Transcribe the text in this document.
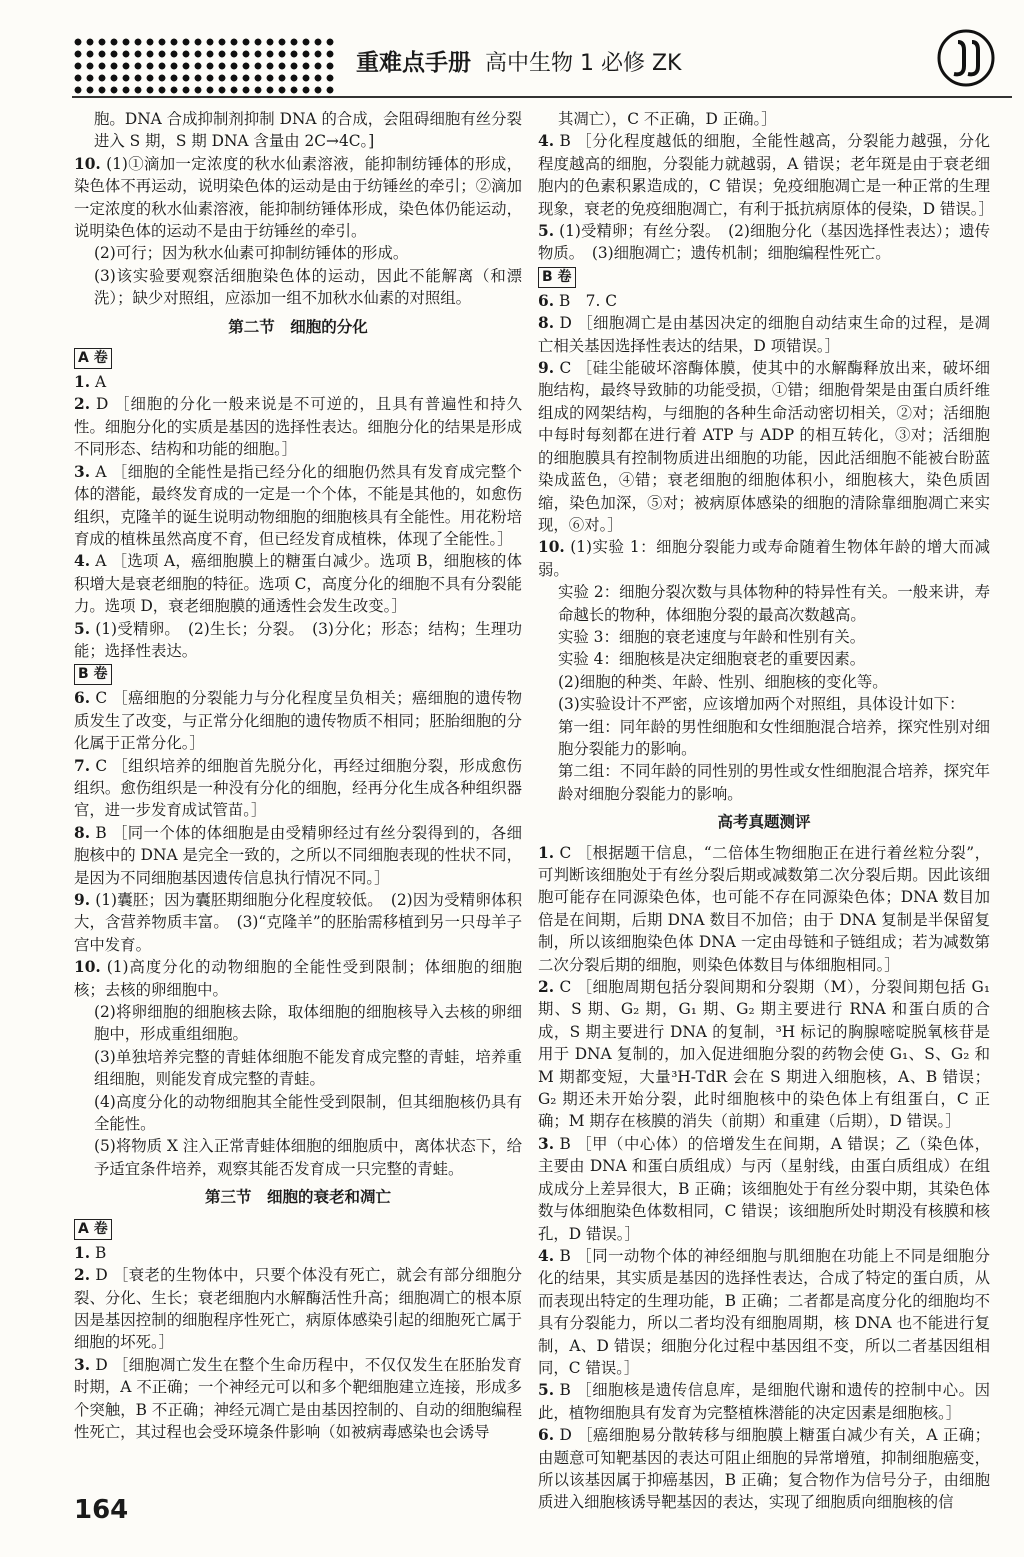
重难点手册 高中生物 1 必修 ZK

胞。DNA 合成抑制剂抑制 DNA 的合成，会阻碍细胞有丝分裂进入 S 期，S 期 DNA 含量由 2C→4C。]

10. (1)①滴加一定浓度的秋水仙素溶液，能抑制纺锤体的形成，染色体不再运动，说明染色体的运动是由于纺锤丝的牵引；②滴加一定浓度的秋水仙素溶液，能抑制纺锤体形成，染色体仍能运动，说明染色体的运动不是由于纺锤丝的牵引。

(2)可行；因为秋水仙素可抑制纺锤体的形成。

(3)该实验要观察活细胞染色体的运动，因此不能解离（和漂洗）；缺少对照组，应添加一组不加秋水仙素的对照组。

第二节　细胞的分化

A 卷

1. A

2. D ［细胞的分化一般来说是不可逆的，且具有普遍性和持久性。细胞分化的实质是基因的选择性表达。细胞分化的结果是形成不同形态、结构和功能的细胞。］

3. A ［细胞的全能性是指已经分化的细胞仍然具有发育成完整个体的潜能，最终发育成的一定是一个个体，不能是其他的，如愈伤组织，克隆羊的诞生说明动物细胞的细胞核具有全能性。用花粉培育成的植株虽然高度不育，但已经发育成植株，体现了全能性。］

4. A ［选项 A，癌细胞膜上的糖蛋白减少。选项 B，细胞核的体积增大是衰老细胞的特征。选项 C，高度分化的细胞不具有分裂能力。选项 D，衰老细胞膜的通透性会发生改变。］

5. (1)受精卵。　(2)生长；分裂。　(3)分化；形态；结构；生理功能；选择性表达。

B 卷

6. C ［癌细胞的分裂能力与分化程度呈负相关；癌细胞的遗传物质发生了改变，与正常分化细胞的遗传物质不相同；胚胎细胞的分化属于正常分化。］

7. C ［组织培养的细胞首先脱分化，再经过细胞分裂，形成愈伤组织。愈伤组织是一种没有分化的细胞，经再分化生成各种组织器官，进一步发育成试管苗。］

8. B ［同一个体的体细胞是由受精卵经过有丝分裂得到的，各细胞核中的 DNA 是完全一致的，之所以不同细胞表现的性状不同，是因为不同细胞基因遗传信息执行情况不同。］

9. (1)囊胚；因为囊胚期细胞分化程度较低。　(2)因为受精卵体积大，含营养物质丰富。　(3)“克隆羊”的胚胎需移植到另一只母羊子宫中发育。

10. (1)高度分化的动物细胞的全能性受到限制；体细胞的细胞核；去核的卵细胞中。

(2)将卵细胞的细胞核去除，取体细胞的细胞核导入去核的卵细胞中，形成重组细胞。

(3)单独培养完整的青蛙体细胞不能发育成完整的青蛙，培养重组细胞，则能发育成完整的青蛙。

(4)高度分化的动物细胞其全能性受到限制，但其细胞核仍具有全能性。

(5)将物质 X 注入正常青蛙体细胞的细胞质中，离体状态下，给予适宜条件培养，观察其能否发育成一只完整的青蛙。

第三节　细胞的衰老和凋亡

A 卷

1. B

2. D ［衰老的生物体中，只要个体没有死亡，就会有部分细胞分裂、分化、生长；衰老细胞内水解酶活性升高；细胞凋亡的根本原因是基因控制的细胞程序性死亡，病原体感染引起的细胞死亡属于细胞的坏死。］

3. D ［细胞凋亡发生在整个生命历程中，不仅仅发生在胚胎发育时期，A 不正确；一个神经元可以和多个靶细胞建立连接，形成多个突触，B 不正确；神经元凋亡是由基因控制的、自动的细胞编程性死亡，其过程也会受环境条件影响（如被病毒感染也会诱导

其凋亡），C 不正确，D 正确。］

4. B ［分化程度越低的细胞，全能性越高，分裂能力越强，分化程度越高的细胞，分裂能力就越弱，A 错误；老年斑是由于衰老细胞内的色素积累造成的，C 错误；免疫细胞凋亡是一种正常的生理现象，衰老的免疫细胞凋亡，有利于抵抗病原体的侵染，D 错误。］

5. (1)受精卵；有丝分裂。　(2)细胞分化（基因选择性表达）；遗传物质。　(3)细胞凋亡；遗传机制；细胞编程性死亡。

B 卷

6. B　7. C

8. D ［细胞凋亡是由基因决定的细胞自动结束生命的过程，是凋亡相关基因选择性表达的结果，D 项错误。］

9. C ［硅尘能破坏溶酶体膜，使其中的水解酶释放出来，破坏细胞结构，最终导致肺的功能受损，①错；细胞骨架是由蛋白质纤维组成的网架结构，与细胞的各种生命活动密切相关，②对；活细胞中每时每刻都在进行着 ATP 与 ADP 的相互转化，③对；活细胞的细胞膜具有控制物质进出细胞的功能，因此活细胞不能被台盼蓝染成蓝色，④错；衰老细胞的细胞体积小，细胞核大，染色质固缩，染色加深，⑤对；被病原体感染的细胞的清除靠细胞凋亡来实现，⑥对。］

10. (1)实验 1：细胞分裂能力或寿命随着生物体年龄的增大而减弱。

实验 2：细胞分裂次数与具体物种的特异性有关。一般来讲，寿命越长的物种，体细胞分裂的最高次数越高。

实验 3：细胞的衰老速度与年龄和性别有关。

实验 4：细胞核是决定细胞衰老的重要因素。

(2)细胞的种类、年龄、性别、细胞核的变化等。

(3)实验设计不严密，应该增加两个对照组，具体设计如下：

第一组：同年龄的男性细胞和女性细胞混合培养，探究性别对细胞分裂能力的影响。

第二组：不同年龄的同性别的男性或女性细胞混合培养，探究年龄对细胞分裂能力的影响。

高考真题测评

1. C ［根据题干信息，“二倍体生物细胞正在进行着丝粒分裂”，可判断该细胞处于有丝分裂后期或减数第二次分裂后期。因此该细胞可能存在同源染色体，也可能不存在同源染色体；DNA 数目加倍是在间期，后期 DNA 数目不加倍；由于 DNA 复制是半保留复制，所以该细胞染色体 DNA 一定由母链和子链组成；若为减数第二次分裂后期的细胞，则染色体数目与体细胞相同。］

2. C ［细胞周期包括分裂间期和分裂期（M），分裂间期包括 G₁ 期、S 期、G₂ 期，G₁ 期、G₂ 期主要进行 RNA 和蛋白质的合成，S 期主要进行 DNA 的复制，³H 标记的胸腺嘧啶脱氧核苷是用于 DNA 复制的，加入促进细胞分裂的药物会使 G₁、S、G₂ 和 M 期都变短，大量³H-TdR 会在 S 期进入细胞核，A、B 错误；G₂ 期还未开始分裂，此时细胞核中的染色体上有组蛋白，C 正确；M 期存在核膜的消失（前期）和重建（后期），D 错误。］

3. B ［甲（中心体）的倍增发生在间期，A 错误；乙（染色体，主要由 DNA 和蛋白质组成）与丙（星射线，由蛋白质组成）在组成成分上差异很大，B 正确；该细胞处于有丝分裂中期，其染色体数与体细胞染色体数相同，C 错误；该细胞所处时期没有核膜和核孔，D 错误。］

4. B ［同一动物个体的神经细胞与肌细胞在功能上不同是细胞分化的结果，其实质是基因的选择性表达，合成了特定的蛋白质，从而表现出特定的生理功能，B 正确；二者都是高度分化的细胞均不具有分裂能力，所以二者均没有细胞周期，核 DNA 也不能进行复制，A、D 错误；细胞分化过程中基因组不变，所以二者基因组相同，C 错误。］

5. B ［细胞核是遗传信息库，是细胞代谢和遗传的控制中心。因此，植物细胞具有发育为完整植株潜能的决定因素是细胞核。］

6. D ［癌细胞易分散转移与细胞膜上糖蛋白减少有关，A 正确；由题意可知靶基因的表达可阻止细胞的异常增殖，抑制细胞癌变，所以该基因属于抑癌基因，B 正确；复合物作为信号分子，由细胞质进入细胞核诱导靶基因的表达，实现了细胞质向细胞核的信

164
